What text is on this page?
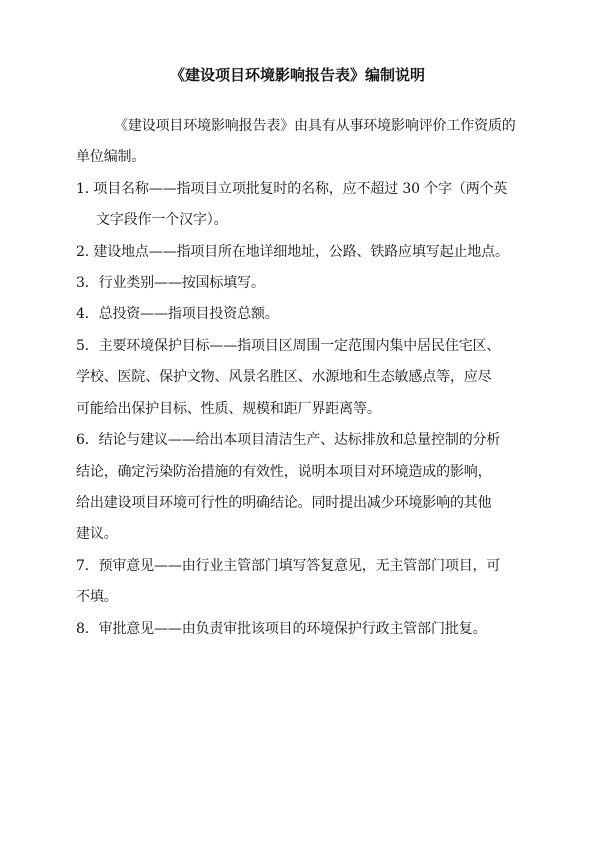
《建设项目环境影响报告表》编制说明
《建设项目环境影响报告表》由具有从事环境影响评价工作资质的
单位编制。
1. 项目名称——指项目立项批复时的名称，应不超过 30 个字（两个英
文字段作一个汉字）。
2. 建设地点——指项目所在地详细地址，公路、铁路应填写起止地点。
3．行业类别——按国标填写。
4．总投资——指项目投资总额。
5．主要环境保护目标——指项目区周围一定范围内集中居民住宅区、
学校、医院、保护文物、风景名胜区、水源地和生态敏感点等，应尽
可能给出保护目标、性质、规模和距厂界距离等。
6．结论与建议——给出本项目清洁生产、达标排放和总量控制的分析
结论，确定污染防治措施的有效性，说明本项目对环境造成的影响，
给出建设项目环境可行性的明确结论。同时提出减少环境影响的其他
建议。
7．预审意见——由行业主管部门填写答复意见，无主管部门项目，可
不填。
8．审批意见——由负责审批该项目的环境保护行政主管部门批复。
